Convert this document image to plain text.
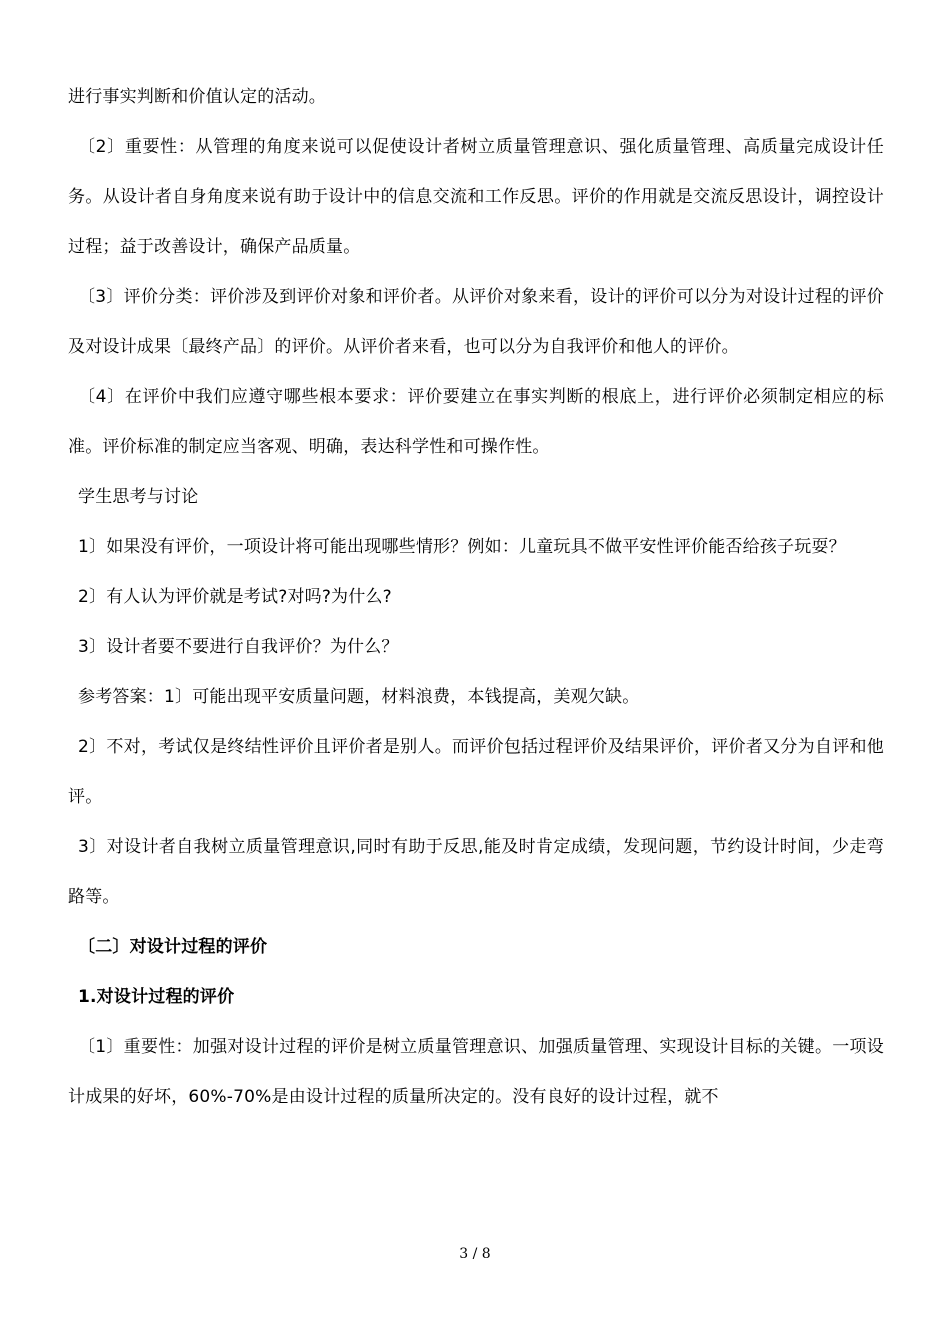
进行事实判断和价值认定的活动。

〔2〕重要性：从管理的角度来说可以促使设计者树立质量管理意识、强化质量管理、高质量完成设计任务。从设计者自身角度来说有助于设计中的信息交流和工作反思。评价的作用就是交流反思设计，调控设计过程；益于改善设计，确保产品质量。

〔3〕评价分类：评价涉及到评价对象和评价者。从评价对象来看，设计的评价可以分为对设计过程的评价及对设计成果〔最终产品〕的评价。从评价者来看，也可以分为自我评价和他人的评价。

〔4〕在评价中我们应遵守哪些根本要求：评价要建立在事实判断的根底上，进行评价必须制定相应的标准。评价标准的制定应当客观、明确，表达科学性和可操作性。

学生思考与讨论

1〕如果没有评价，一项设计将可能出现哪些情形？例如：儿童玩具不做平安性评价能否给孩子玩耍？

2〕有人认为评价就是考试?对吗?为什么?

3〕设计者要不要进行自我评价？为什么？

参考答案：1〕可能出现平安质量问题，材料浪费，本钱提高，美观欠缺。

2〕不对，考试仅是终结性评价且评价者是别人。而评价包括过程评价及结果评价，评价者又分为自评和他评。

3〕对设计者自我树立质量管理意识,同时有助于反思,能及时肯定成绩，发现问题，节约设计时间，少走弯路等。

〔二〕对设计过程的评价

1.对设计过程的评价

〔1〕重要性：加强对设计过程的评价是树立质量管理意识、加强质量管理、实现设计目标的关键。一项设计成果的好坏，60%-70%是由设计过程的质量所决定的。没有良好的设计过程，就不

3 / 8
